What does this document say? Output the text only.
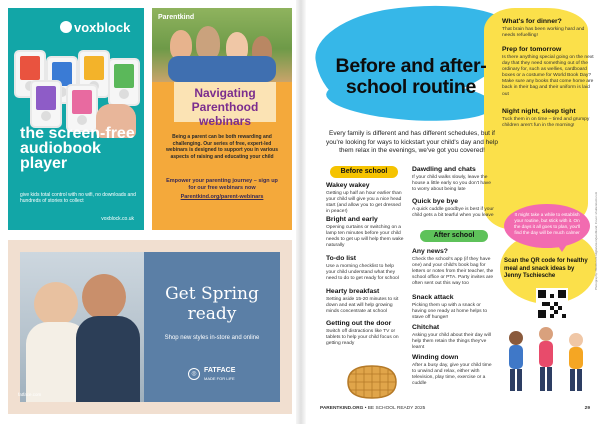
voxblock
the screen-free audiobook player
give kids total control with no wifi, no downloads and hundreds of stories to collect
voxblock.co.uk
Parentkind
Navigating Parenthood webinars
Being a parent can be both rewarding and challenging. Our series of free, expert-led webinars is designed to support you in various aspects of raising and educating your child
Empower your parenting journey – sign up for our free webinars now
Parentkind.org/parent-webinars
fatface.com
Get Spring ready
Shop new styles in-store and online
◎	FATFACE
MADE FOR LIFE
Before and after-school routine
Every family is different and has different schedules, but if you're looking for ways to kickstart your child's day and help them relax in the evenings, we've got you covered!
Before school
Wakey wakey
Getting up half an hour earlier than your child will give you a nice head start (and allow you to get dressed in peace!)
Bright and early
Opening curtains or switching on a lamp ten minutes before your child needs to get up will help them wake naturally
To-do list
Use a morning checklist to help your child understand what they need to do to get ready for school
Hearty breakfast
Setting aside 15-20 minutes to sit down and eat will help growing minds concentrate at school
Getting out the door
Switch off distractions like TV or tablets to help your child focus on getting ready
Dawdling and chats
If your child walks slowly, leave the house a little early so you don't have to worry about being late
Quick bye bye
A quick cuddle goodbye is best if your child gets a bit tearful when you leave
After school
Any news?
Check the school's app (if they have one) and your child's book bag for letters or notes from their teacher, the school office or PTA. Party invites are often sent out this way too
Snack attack
Picking them up with a snack or having one ready at home helps to stave off hunger!
Chitchat
Asking your child about their day will help them retain the things they've learnt
Winding down
After a busy day, give your child time to unwind and relax, either with television, play time, exercise or a cuddle
What's for dinner?
That brain has been working hard and needs refuelling!
Prep for tomorrow
Is there anything special going on the next day that they need something out of the ordinary for, such as wellies, cardboard boxes or a costume for World Book Day? Make sure any books that come home are back in their bag and their uniform is laid out
Night night, sleep tight
Tuck them in on time – tired and grumpy children aren't fun in the morning!
It might take a while to establish your routine, but stick with it. On the days it all goes to plan, you'll find the day will be much calmer
Scan the QR code for healthy meal and snack ideas by Jenny Tschiesche	Photography: iStock.com /digitalvision/jacoblund; Cover: shutterstock.com
PARENTKIND.ORG • BE SCHOOL READY 2025	29
